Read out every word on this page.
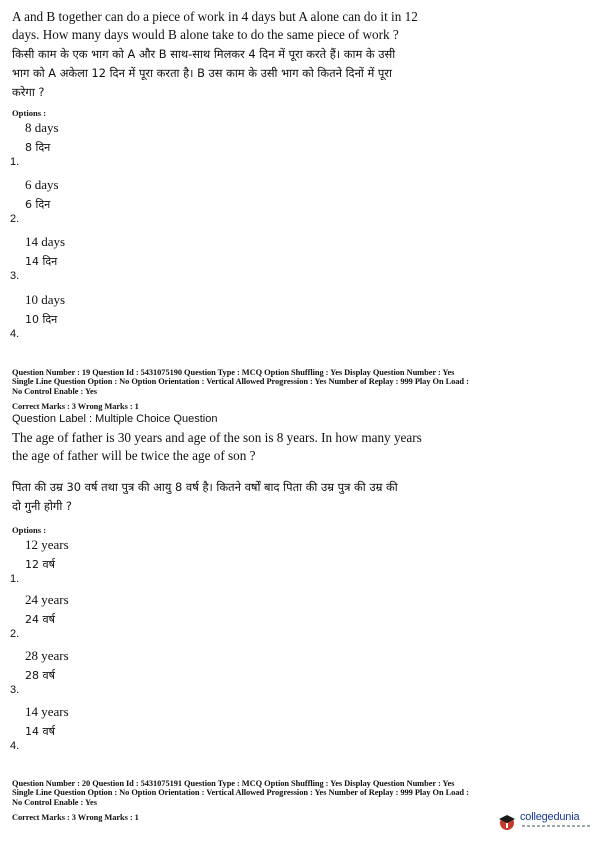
A and B together can do a piece of work in 4 days but A alone can do it in 12
days. How many days would B alone take to do the same piece of work ?
किसी काम के एक भाग को A और B साथ-साथ मिलकर 4 दिन में पूरा करते हैं। काम के उसी
भाग को A अकेला 12 दिन में पूरा करता है। B उस काम के उसी भाग को कितने दिनों में पूरा
करेगा ?
Options :
1.
8 days
8 दिन
2.
6 days
6 दिन
3.
14 days
14 दिन
4.
10 days
10 दिन
Question Number : 19 Question Id : 5431075190 Question Type : MCQ Option Shuffling : Yes Display Question Number : Yes
Single Line Question Option : No Option Orientation : Vertical Allowed Progression : Yes Number of Replay : 999 Play On Load :
No Control Enable : Yes
Correct Marks : 3 Wrong Marks : 1
Question Label : Multiple Choice Question
The age of father is 30 years and age of the son is 8 years. In how many years
the age of father will be twice the age of son ?
पिता की उम्र 30 वर्ष तथा पुत्र की आयु 8 वर्ष है। कितने वर्षों बाद पिता की उम्र पुत्र की उम्र की
दो गुनी होगी ?
Options :
1.
12 years
12 वर्ष
2.
24 years
24 वर्ष
3.
28 years
28 वर्ष
4.
14 years
14 वर्ष
Question Number : 20 Question Id : 5431075191 Question Type : MCQ Option Shuffling : Yes Display Question Number : Yes
Single Line Question Option : No Option Orientation : Vertical Allowed Progression : Yes Number of Replay : 999 Play On Load :
No Control Enable : Yes
Correct Marks : 3 Wrong Marks : 1	collegedunia
